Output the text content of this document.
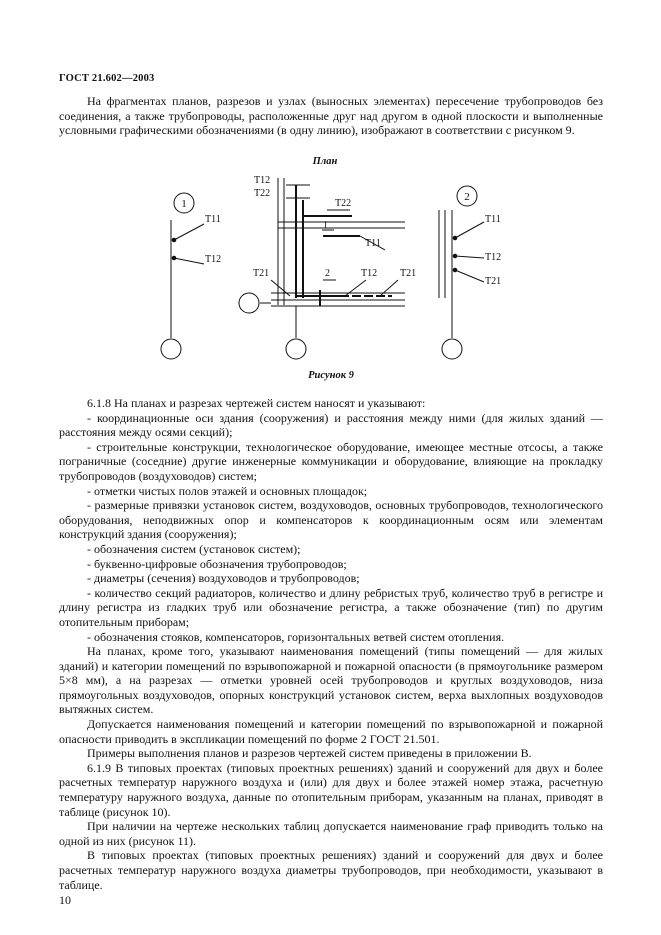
ГОСТ 21.602—2003

На фрагментах планов, разрезов и узлах (выносных элементах) пересечение трубопроводов без соединения, а также трубопроводы, расположенные друг над другом в одной плоскости и выполненные условными графическими обозначениями (в одну линию), изображают в соответствии с рисунком 9.

План
1
Т11
Т12
Т12
Т22
Т22
1
Т11
Т21	2	Т12 Т21
2
Т11
Т12
Т21
Рисунок 9

6.1.8 На планах и разрезах чертежей систем наносят и указывают:

- координационные оси здания (сооружения) и расстояния между ними (для жилых зданий — расстояния между осями секций);

- строительные конструкции, технологическое оборудование, имеющее местные отсосы, а также пограничные (соседние) другие инженерные коммуникации и оборудование, влияющие на прокладку трубопроводов (воздуховодов) систем;

- отметки чистых полов этажей и основных площадок;

- размерные привязки установок систем, воздуховодов, основных трубопроводов, технологического оборудования, неподвижных опор и компенсаторов к координационным осям или элементам конструкций здания (сооружения);

- обозначения систем (установок систем);

- буквенно-цифровые обозначения трубопроводов;

- диаметры (сечения) воздуховодов и трубопроводов;

- количество секций радиаторов, количество и длину ребристых труб, количество труб в регистре и длину регистра из гладких труб или обозначение регистра, а также обозначение (тип) по другим отопительным приборам;

- обозначения стояков, компенсаторов, горизонтальных ветвей систем отопления.

На планах, кроме того, указывают наименования помещений (типы помещений — для жилых зданий) и категории помещений по взрывопожарной и пожарной опасности (в прямоугольнике размером 5×8 мм), а на разрезах — отметки уровней осей трубопроводов и круглых воздуховодов, низа прямоугольных воздуховодов, опорных конструкций установок систем, верха выхлопных воздуховодов вытяжных систем.

Допускается наименования помещений и категории помещений по взрывопожарной и пожарной опасности приводить в экспликации помещений по форме 2 ГОСТ 21.501.

Примеры выполнения планов и разрезов чертежей систем приведены в приложении В.

6.1.9 В типовых проектах (типовых проектных решениях) зданий и сооружений для двух и более расчетных температур наружного воздуха и (или) для двух и более этажей номер этажа, расчетную температуру наружного воздуха, данные по отопительным приборам, указанным на планах, приводят в таблице (рисунок 10).

При наличии на чертеже нескольких таблиц допускается наименование граф приводить только на одной из них (рисунок 11).

В типовых проектах (типовых проектных решениях) зданий и сооружений для двух и более расчетных температур наружного воздуха диаметры трубопроводов, при необходимости, указывают в таблице.

10
